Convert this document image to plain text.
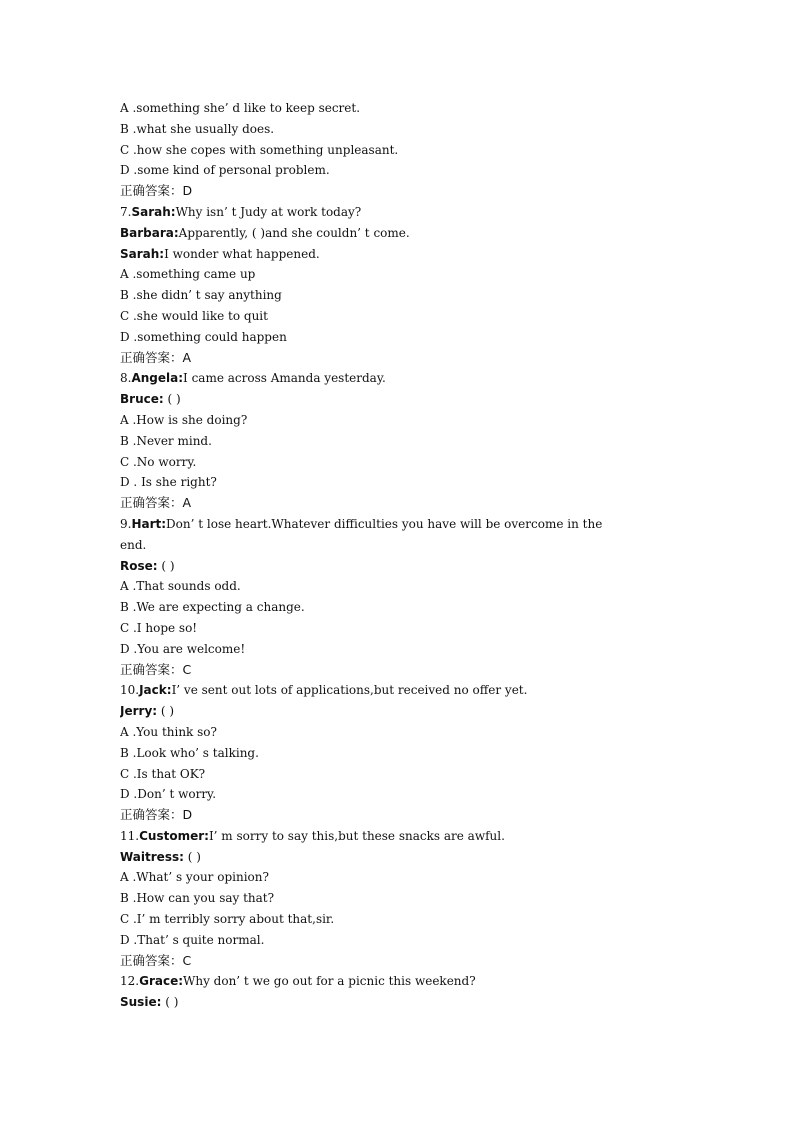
A .something she’ d like to keep secret.
B .what she usually does.
C .how she copes with something unpleasant.
D .some kind of personal problem.
正确答案：D
7.Sarah:Why isn’ t Judy at work today?
Barbara:Apparently, ( )and she couldn’ t come.
Sarah:I wonder what happened.
A .something came up
B .she didn’ t say anything
C .she would like to quit
D .something could happen
正确答案：A
8.Angela:I came across Amanda yesterday.
Bruce: ( )
A .How is she doing?
B .Never mind.
C .No worry.
D . Is she right?
正确答案：A
9.Hart:Don’ t lose heart.Whatever difficulties you have will be overcome in the
end.
Rose: ( )
A .That sounds odd.
B .We are expecting a change.
C .I hope so!
D .You are welcome!
正确答案：C
10.Jack:I’ ve sent out lots of applications,but received no offer yet.
Jerry: ( )
A .You think so?
B .Look who’ s talking.
C .Is that OK?
D .Don’ t worry.
正确答案：D
11.Customer:I’ m sorry to say this,but these snacks are awful.
Waitress: ( )
A .What’ s your opinion?
B .How can you say that?
C .I’ m terribly sorry about that,sir.
D .That’ s quite normal.
正确答案：C
12.Grace:Why don’ t we go out for a picnic this weekend?
Susie: ( )
